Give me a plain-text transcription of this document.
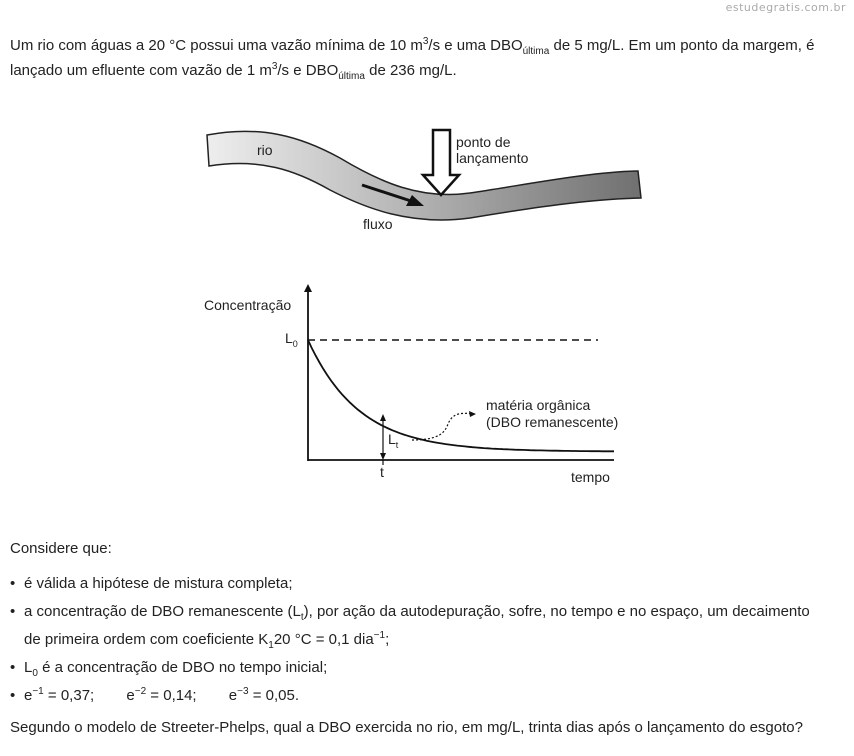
estudegratis.com.br
Um rio com águas a 20 °C possui uma vazão mínima de 10 $m^3/s$ e uma $DBO_{última}$ de 5 mg/L. Em um ponto da margem, é
lançado um efluente com vazão de 1 $m^3/s$ e $DBO_{última}$ de 236 mg/L.
rio
fluxo
ponto de
lançamento
Concentração
tempo
$L_0$
$L_t$
t
matéria orgânica
(DBO remanescente)
Considere que:
• é válida a hipótese de mistura completa;
• a concentração de DBO remanescente $(L_t)$, por ação da autodepuração, sofre, no tempo e no espaço, um decaimento
de primeira ordem com coeficiente $K_120$ °C = 0,1 dia$^{-1}$;
• $L_0$ é a concentração de DBO no tempo inicial;
• $e^{-1} = 0,37$; $e^{-2} = 0,14$; $e^{-3} = 0,05$.
Segundo o modelo de Streeter-Phelps, qual a DBO exercida no rio, em mg/L, trinta dias após o lançamento do esgoto?
